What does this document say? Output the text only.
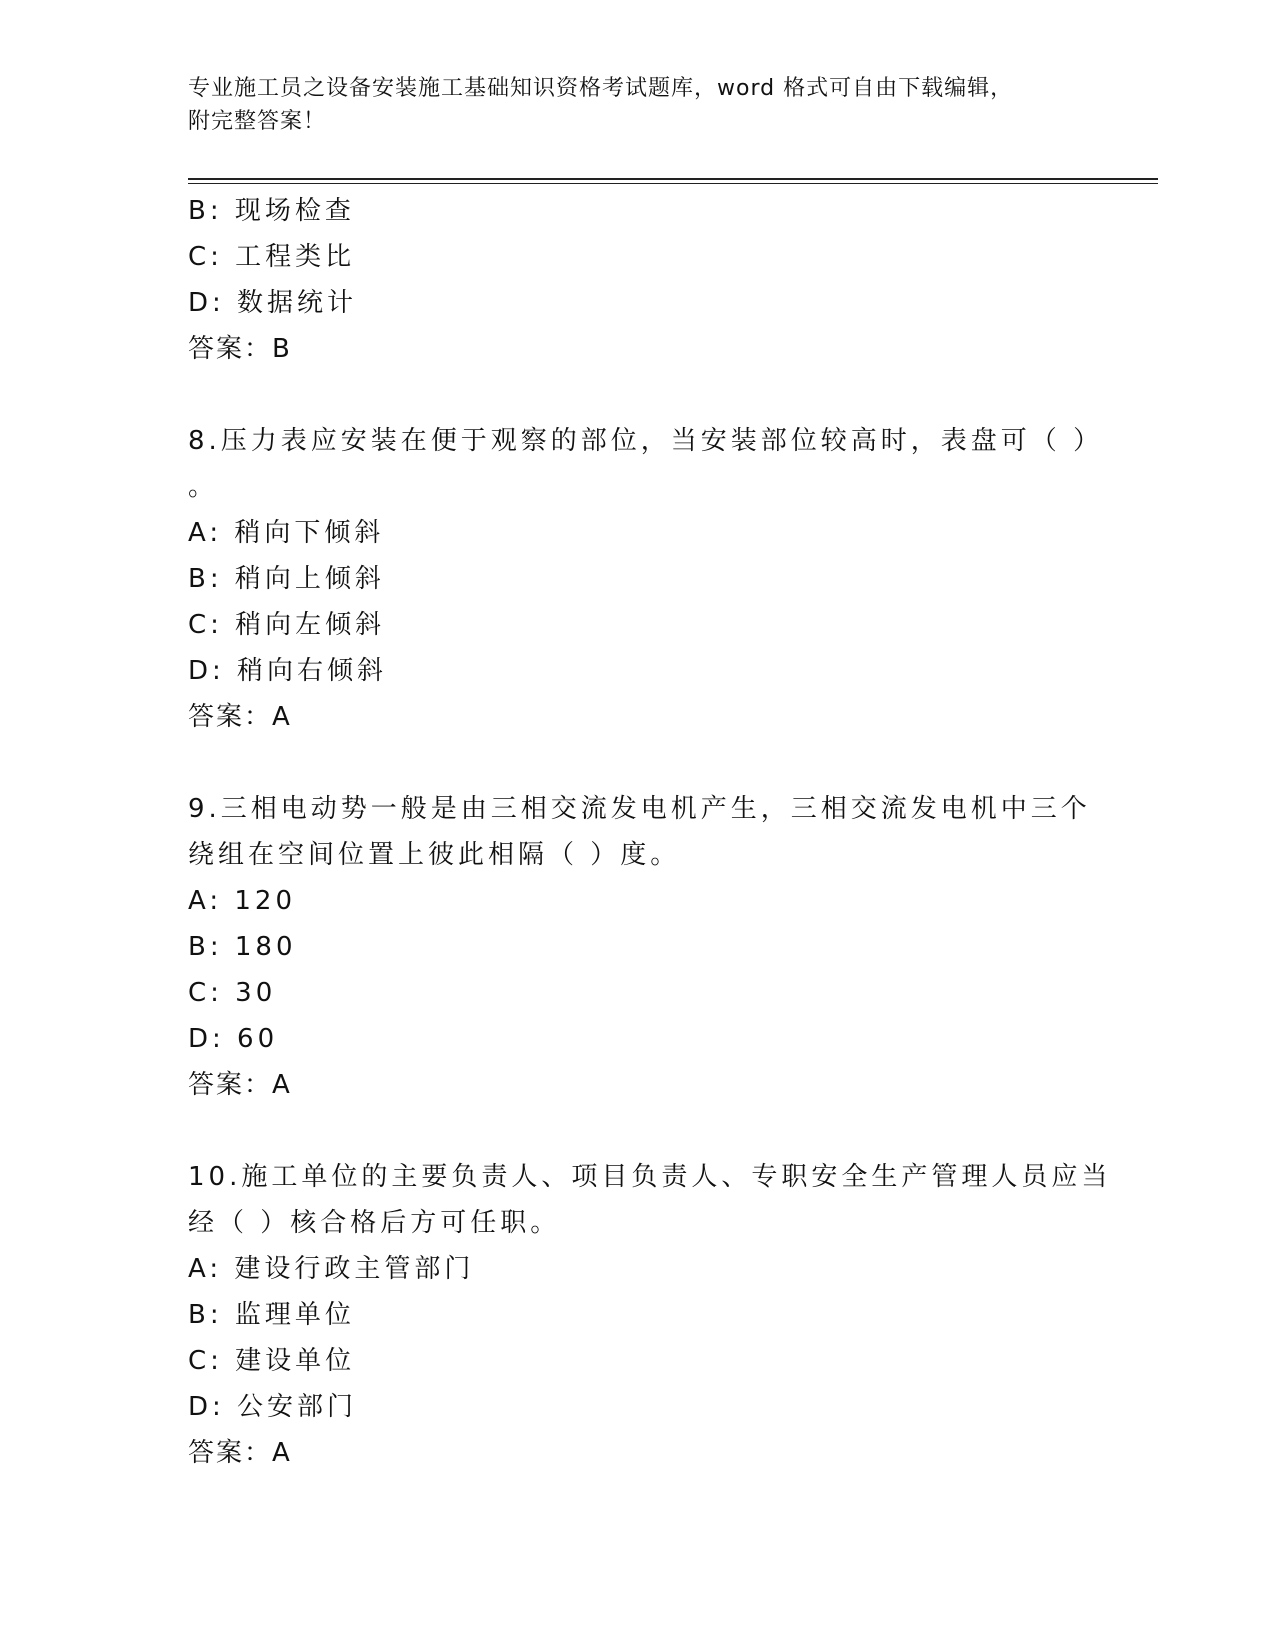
专业施工员之设备安装施工基础知识资格考试题库，word 格式可自由下载编辑，
附完整答案！
B: 现场检查
C: 工程类比
D: 数据统计
答案：B
8.压力表应安装在便于观察的部位，当安装部位较高时，表盘可（ ）
。
A: 稍向下倾斜
B: 稍向上倾斜
C: 稍向左倾斜
D: 稍向右倾斜
答案：A
9.三相电动势一般是由三相交流发电机产生，三相交流发电机中三个
绕组在空间位置上彼此相隔（ ）度。
A: 120
B: 180
C: 30
D: 60
答案：A
10.施工单位的主要负责人、项目负责人、专职安全生产管理人员应当
经（ ）核合格后方可任职。
A: 建设行政主管部门
B: 监理单位
C: 建设单位
D: 公安部门
答案：A
